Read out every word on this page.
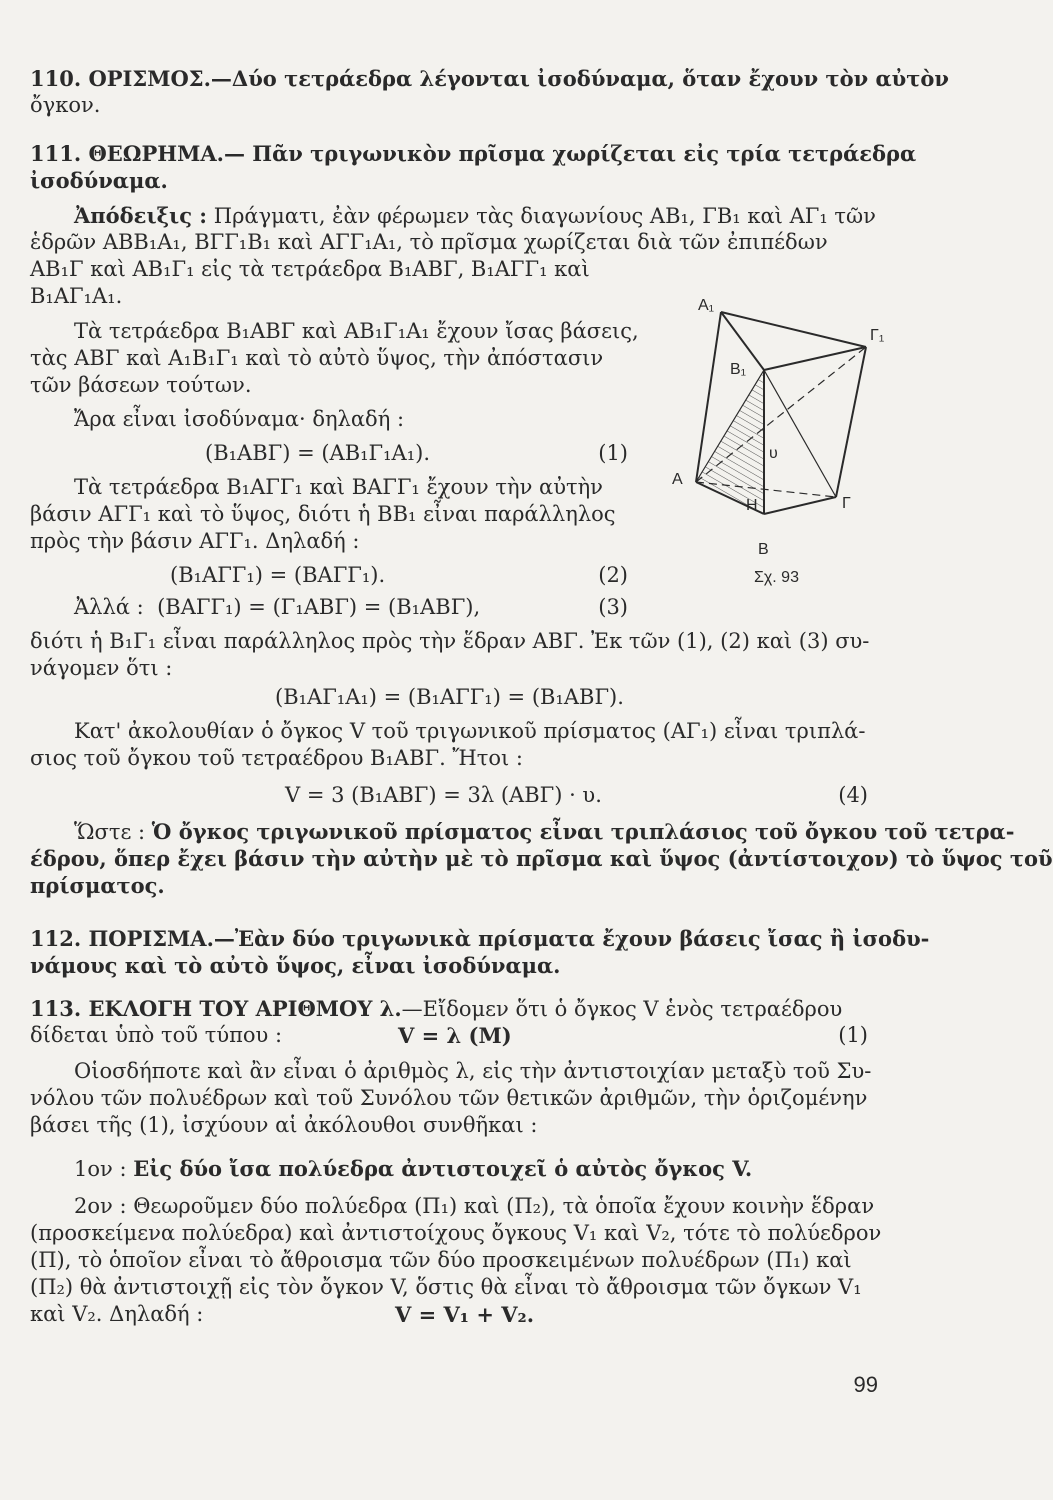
110. ΟΡΙΣΜΟΣ.—Δύο τετράεδρα λέγονται ἰσοδύναμα, ὅταν ἔχουν τὸν αὐτὸν
ὄγκον.
111. ΘΕΩΡΗΜΑ.— Πᾶν τριγωνικὸν πρῖσμα χωρίζεται εἰς τρία τετράεδρα
ἰσοδύναμα.
Ἀπόδειξις : Πράγματι, ἐὰν φέρωμεν τὰς διαγωνίους ΑΒ₁, ΓΒ₁ καὶ ΑΓ₁ τῶν
ἑδρῶν ΑΒΒ₁Α₁, ΒΓΓ₁Β₁ καὶ ΑΓΓ₁Α₁, τὸ πρῖσμα χωρίζεται διὰ τῶν ἐπιπέδων
ΑΒ₁Γ καὶ ΑΒ₁Γ₁ εἰς τὰ τετράεδρα Β₁ΑΒΓ, Β₁ΑΓΓ₁ καὶ
Β₁ΑΓ₁Α₁.
Τὰ τετράεδρα Β₁ΑΒΓ καὶ ΑΒ₁Γ₁Α₁ ἔχουν ἴσας βάσεις,
τὰς ΑΒΓ καὶ Α₁Β₁Γ₁ καὶ τὸ αὐτὸ ὕψος, τὴν ἀπόστασιν
τῶν βάσεων τούτων.
Ἄρα εἶναι ἰσοδύναμα· δηλαδή :
(Β₁ΑΒΓ) = (ΑΒ₁Γ₁Α₁).	(1)
Τὰ τετράεδρα Β₁ΑΓΓ₁ καὶ ΒΑΓΓ₁ ἔχουν τὴν αὐτὴν
βάσιν ΑΓΓ₁ καὶ τὸ ὕψος, διότι ἡ ΒΒ₁ εἶναι παράλληλος
πρὸς τὴν βάσιν ΑΓΓ₁. Δηλαδή :
(Β₁ΑΓΓ₁) = (ΒΑΓΓ₁).	(2)
Ἀλλά : (ΒΑΓΓ₁) = (Γ₁ΑΒΓ) = (Β₁ΑΒΓ),	(3)
διότι ἡ Β₁Γ₁ εἶναι παράλληλος πρὸς τὴν ἕδραν ΑΒΓ. Ἐκ τῶν (1), (2) καὶ (3) συ-
νάγομεν ὅτι :
(Β₁ΑΓ₁Α₁) = (Β₁ΑΓΓ₁) = (Β₁ΑΒΓ).
Κατ' ἀκολουθίαν ὁ ὄγκος V τοῦ τριγωνικοῦ πρίσματος (ΑΓ₁) εἶναι τριπλά-
σιος τοῦ ὄγκου τοῦ τετραέδρου Β₁ΑΒΓ. Ἤτοι :
V = 3 (Β₁ΑΒΓ) = 3λ (ΑΒΓ) · υ.	(4)
Ὥστε : Ὁ ὄγκος τριγωνικοῦ πρίσματος εἶναι τριπλάσιος τοῦ ὄγκου τοῦ τετρα-
έδρου, ὅπερ ἔχει βάσιν τὴν αὐτὴν μὲ τὸ πρῖσμα καὶ ὕψος (ἀντίστοιχον) τὸ ὕψος τοῦ
πρίσματος.
Α₁
Γ₁
Β₁
υ
Α
Η	Γ
Β
Σχ. 93
112. ΠΟΡΙΣΜΑ.—Ἐὰν δύο τριγωνικὰ πρίσματα ἔχουν βάσεις ἴσας ἢ ἰσοδυ-
νάμους καὶ τὸ αὐτὸ ὕψος, εἶναι ἰσοδύναμα.
113. ΕΚΛΟΓΗ ΤΟΥ ΑΡΙΘΜΟΥ λ.—Εἴδομεν ὅτι ὁ ὄγκος V ἑνὸς τετραέδρου
δίδεται ὑπὸ τοῦ τύπου :	V = λ (Μ)	(1)
Οἱοσδήποτε καὶ ἂν εἶναι ὁ ἀριθμὸς λ, εἰς τὴν ἀντιστοιχίαν μεταξὺ τοῦ Συ-
νόλου τῶν πολυέδρων καὶ τοῦ Συνόλου τῶν θετικῶν ἀριθμῶν, τὴν ὁριζομένην
βάσει τῆς (1), ἰσχύουν αἱ ἀκόλουθοι συνθῆκαι :
1ον : Εἰς δύο ἴσα πολύεδρα ἀντιστοιχεῖ ὁ αὐτὸς ὄγκος V.
2ον : Θεωροῦμεν δύο πολύεδρα (Π₁) καὶ (Π₂), τὰ ὁποῖα ἔχουν κοινὴν ἕδραν
(προσκείμενα πολύεδρα) καὶ ἀντιστοίχους ὄγκους V₁ καὶ V₂, τότε τὸ πολύεδρον
(Π), τὸ ὁποῖον εἶναι τὸ ἄθροισμα τῶν δύο προσκειμένων πολυέδρων (Π₁) καὶ
(Π₂) θὰ ἀντιστοιχῇ εἰς τὸν ὄγκον V, ὅστις θὰ εἶναι τὸ ἄθροισμα τῶν ὄγκων V₁
καὶ V₂. Δηλαδή :	V = V₁ + V₂.
99
